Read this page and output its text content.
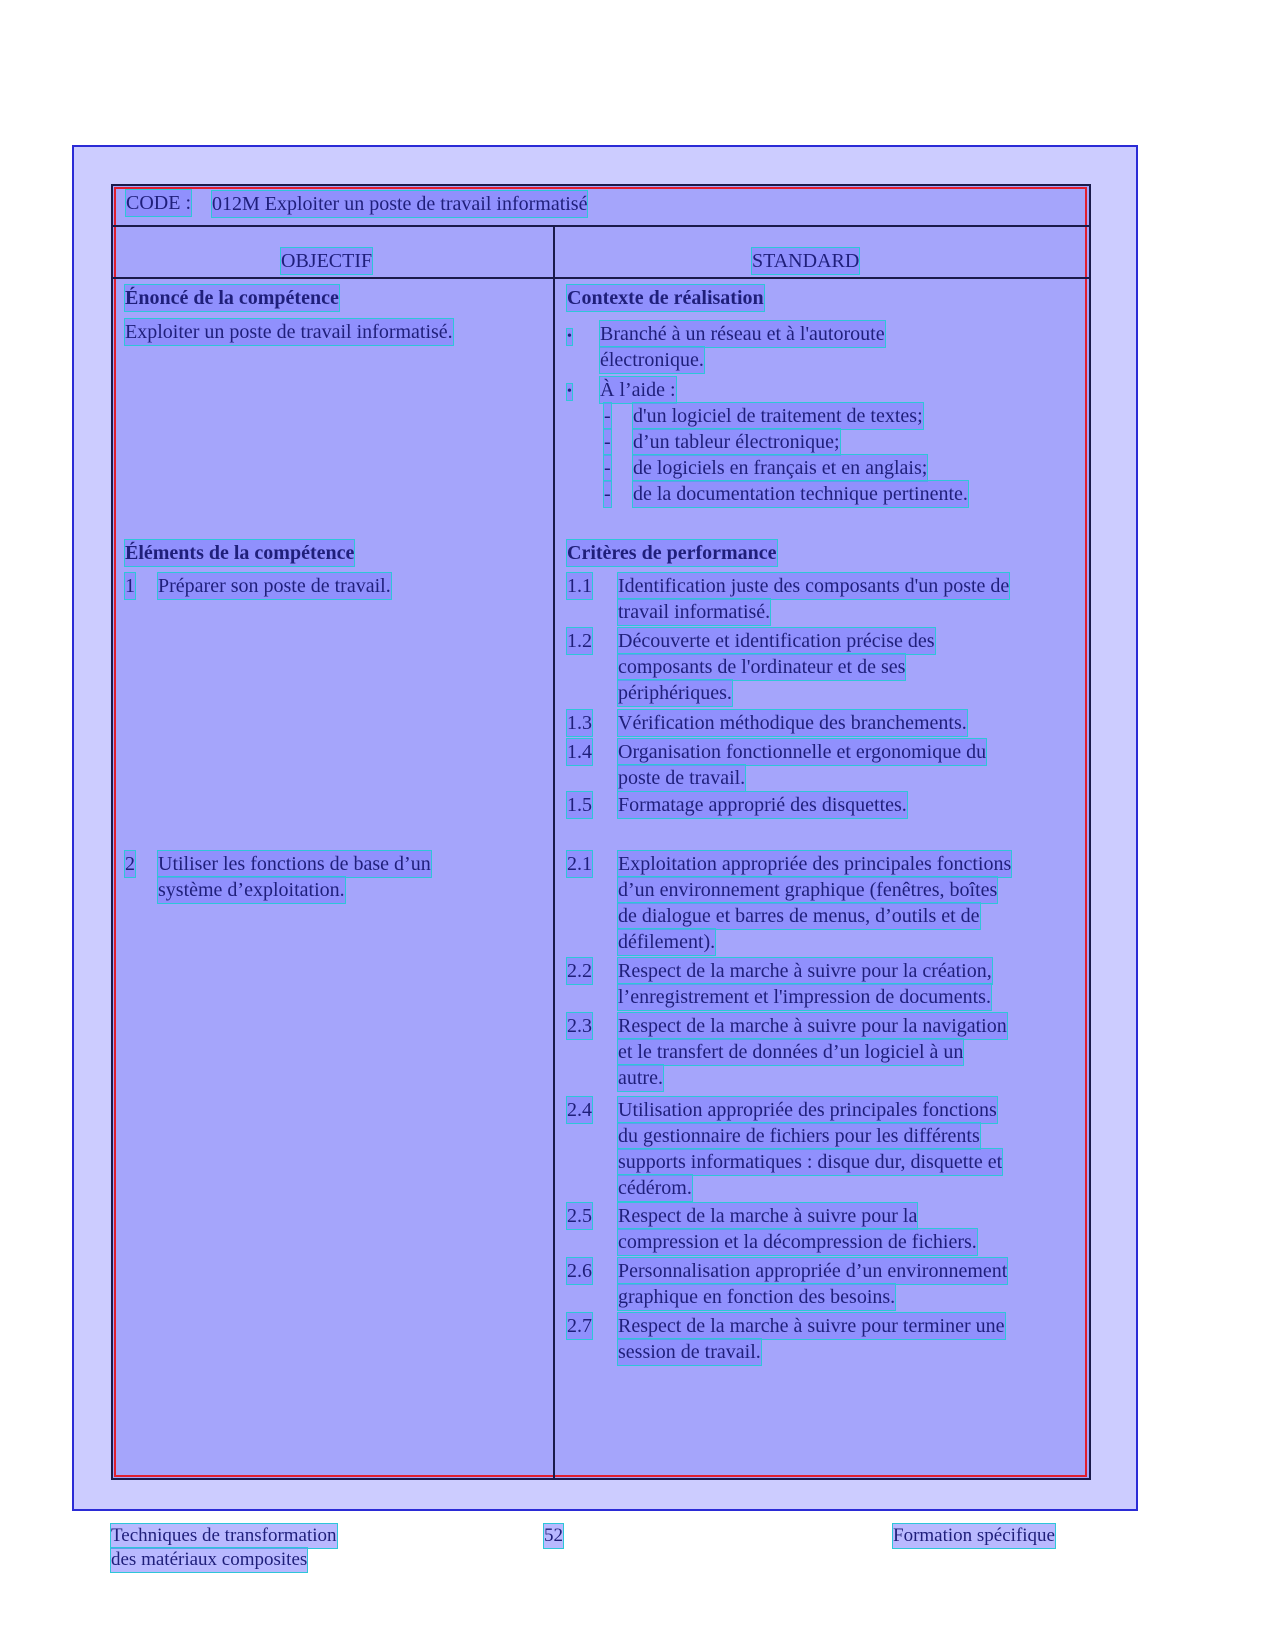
CODE : 012M Exploiter un poste de travail informatisé
OBJECTIF	STANDARD
Énoncé de la compétence
Exploiter un poste de travail informatisé.
Contexte de réalisation
• Branché à un réseau et à l'autoroute
électronique.
• À l’aide :
- d'un logiciel de traitement de textes;
- d’un tableur électronique;
- de logiciels en français et en anglais;
- de la documentation technique pertinente.
Éléments de la compétence
1 Préparer son poste de travail.
2 Utiliser les fonctions de base d’un
système d’exploitation.
Critères de performance
1.1 Identification juste des composants d'un poste de
travail informatisé.
1.2 Découverte et identification précise des
composants de l'ordinateur et de ses
périphériques.
1.3 Vérification méthodique des branchements.
1.4 Organisation fonctionnelle et ergonomique du
poste de travail.
1.5 Formatage approprié des disquettes.
2.1 Exploitation appropriée des principales fonctions
d’un environnement graphique (fenêtres, boîtes
de dialogue et barres de menus, d’outils et de
défilement).
2.2 Respect de la marche à suivre pour la création,
l’enregistrement et l'impression de documents.
2.3 Respect de la marche à suivre pour la navigation
et le transfert de données d’un logiciel à un
autre.
2.4 Utilisation appropriée des principales fonctions
du gestionnaire de fichiers pour les différents
supports informatiques : disque dur, disquette et
cédérom.
2.5 Respect de la marche à suivre pour la
compression et la décompression de fichiers.
2.6 Personnalisation appropriée d’un environnement
graphique en fonction des besoins.
2.7 Respect de la marche à suivre pour terminer une
session de travail.
Techniques de transformation
des matériaux composites
52	Formation spécifique
